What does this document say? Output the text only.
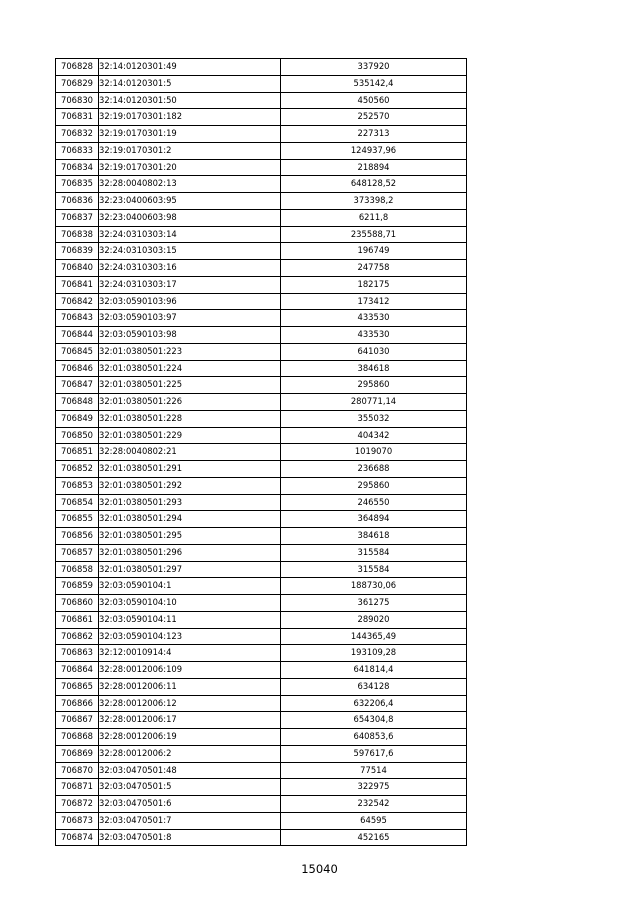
706828	32:14:0120301:49	337920
706829	32:14:0120301:5	535142,4
706830	32:14:0120301:50	450560
706831	32:19:0170301:182	252570
706832	32:19:0170301:19	227313
706833	32:19:0170301:2	124937,96
706834	32:19:0170301:20	218894
706835	32:28:0040802:13	648128,52
706836	32:23:0400603:95	373398,2
706837	32:23:0400603:98	6211,8
706838	32:24:0310303:14	235588,71
706839	32:24:0310303:15	196749
706840	32:24:0310303:16	247758
706841	32:24:0310303:17	182175
706842	32:03:0590103:96	173412
706843	32:03:0590103:97	433530
706844	32:03:0590103:98	433530
706845	32:01:0380501:223	641030
706846	32:01:0380501:224	384618
706847	32:01:0380501:225	295860
706848	32:01:0380501:226	280771,14
706849	32:01:0380501:228	355032
706850	32:01:0380501:229	404342
706851	32:28:0040802:21	1019070
706852	32:01:0380501:291	236688
706853	32:01:0380501:292	295860
706854	32:01:0380501:293	246550
706855	32:01:0380501:294	364894
706856	32:01:0380501:295	384618
706857	32:01:0380501:296	315584
706858	32:01:0380501:297	315584
706859	32:03:0590104:1	188730,06
706860	32:03:0590104:10	361275
706861	32:03:0590104:11	289020
706862	32:03:0590104:123	144365,49
706863	32:12:0010914:4	193109,28
706864	32:28:0012006:109	641814,4
706865	32:28:0012006:11	634128
706866	32:28:0012006:12	632206,4
706867	32:28:0012006:17	654304,8
706868	32:28:0012006:19	640853,6
706869	32:28:0012006:2	597617,6
706870	32:03:0470501:48	77514
706871	32:03:0470501:5	322975
706872	32:03:0470501:6	232542
706873	32:03:0470501:7	64595
706874	32:03:0470501:8	452165
15040
